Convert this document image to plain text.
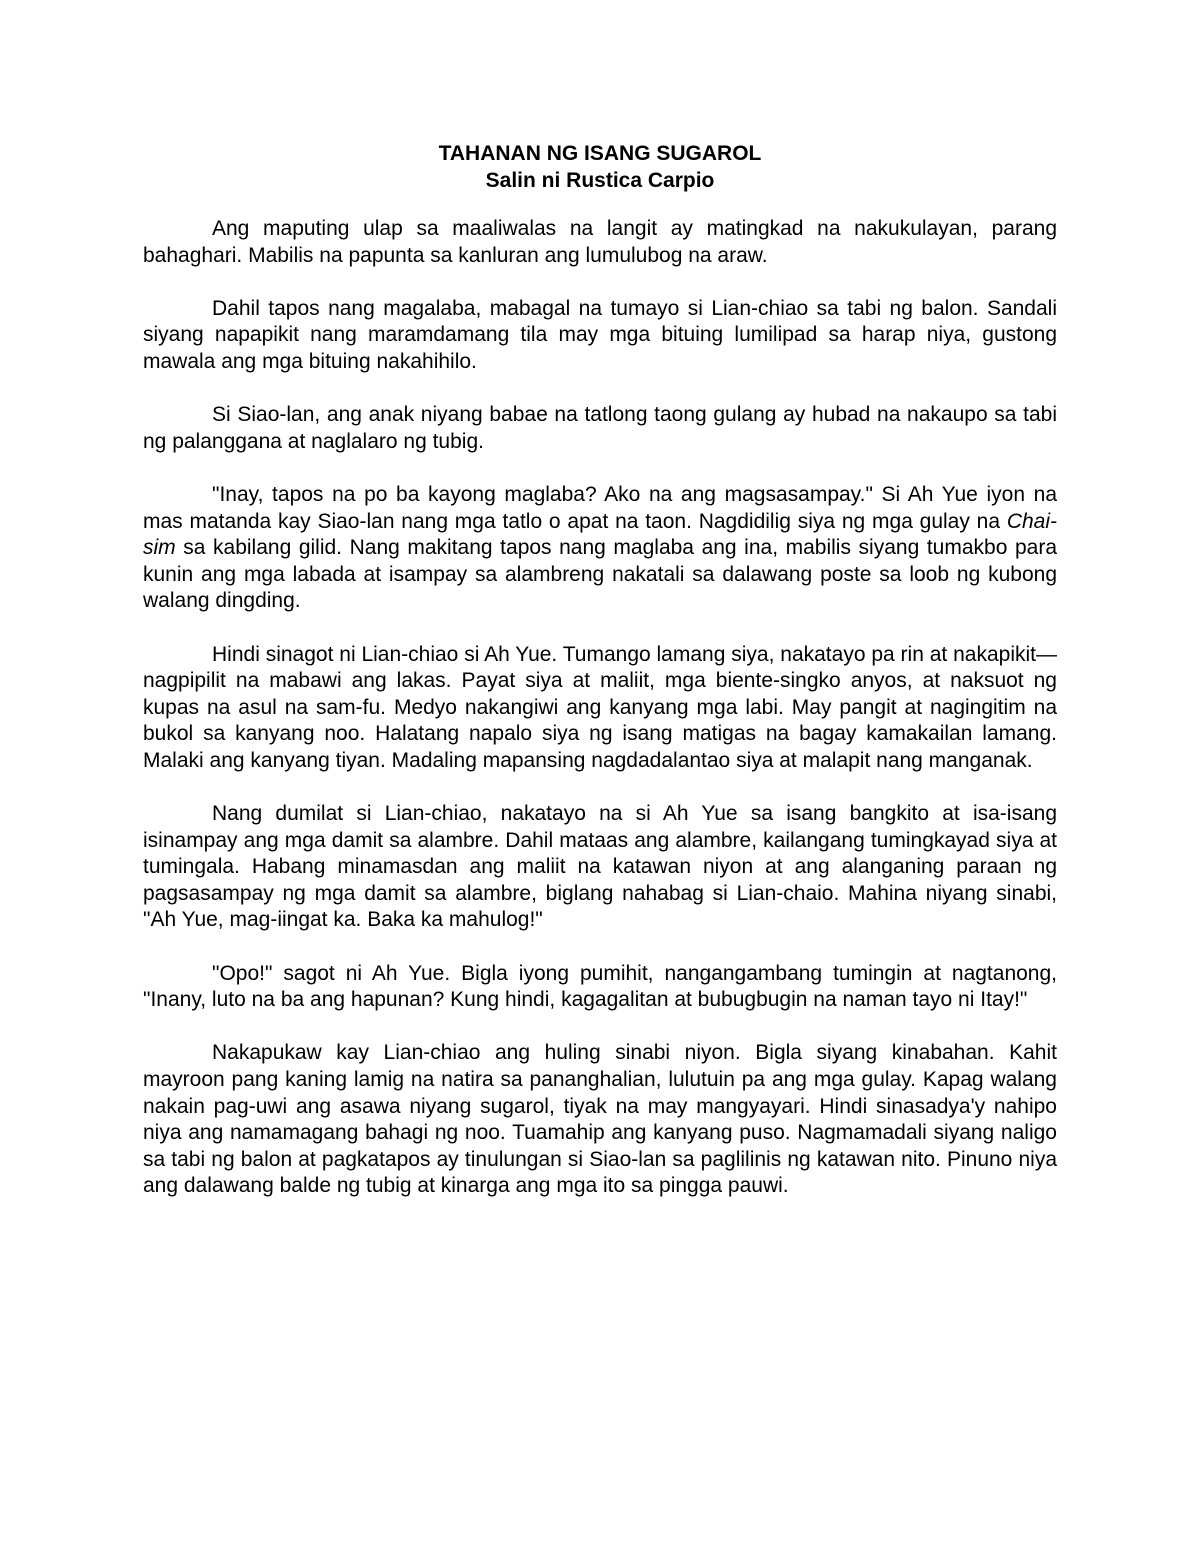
TAHANAN NG ISANG SUGAROL
Salin ni Rustica Carpio

Ang maputing ulap sa maaliwalas na langit ay matingkad na nakukulayan, parang bahaghari. Mabilis na papunta sa kanluran ang lumulubog na araw.

Dahil tapos nang magalaba, mabagal na tumayo si Lian-chiao sa tabi ng balon. Sandali siyang napapikit nang maramdamang tila may mga bituing lumilipad sa harap niya, gustong mawala ang mga bituing nakahihilo.

Si Siao-lan, ang anak niyang babae na tatlong taong gulang ay hubad na nakaupo sa tabi ng palanggana at naglalaro ng tubig.

"Inay, tapos na po ba kayong maglaba? Ako na ang magsasampay." Si Ah Yue iyon na mas matanda kay Siao-lan nang mga tatlo o apat na taon. Nagdidilig siya ng mga gulay na Chai-sim sa kabilang gilid. Nang makitang tapos nang maglaba ang ina, mabilis siyang tumakbo para kunin ang mga labada at isampay sa alambreng nakatali sa dalawang poste sa loob ng kubong walang dingding.

Hindi sinagot ni Lian-chiao si Ah Yue. Tumango lamang siya, nakatayo pa rin at nakapikit—nagpipilit na mabawi ang lakas. Payat siya at maliit, mga biente-singko anyos, at naksuot ng kupas na asul na sam-fu. Medyo nakangiwi ang kanyang mga labi. May pangit at nagingitim na bukol sa kanyang noo. Halatang napalo siya ng isang matigas na bagay kamakailan lamang. Malaki ang kanyang tiyan. Madaling mapansing nagdadalantao siya at malapit nang manganak.

Nang dumilat si Lian-chiao, nakatayo na si Ah Yue sa isang bangkito at isa-isang isinampay ang mga damit sa alambre. Dahil mataas ang alambre, kailangang tumingkayad siya at tumingala. Habang minamasdan ang maliit na katawan niyon at ang alanganing paraan ng pagsasampay ng mga damit sa alambre, biglang nahabag si Lian-chaio. Mahina niyang sinabi, "Ah Yue, mag-iingat ka. Baka ka mahulog!"

"Opo!" sagot ni Ah Yue. Bigla iyong pumihit, nangangambang tumingin at nagtanong, "Inany, luto na ba ang hapunan? Kung hindi, kagagalitan at bubugbugin na naman tayo ni Itay!"

Nakapukaw kay Lian-chiao ang huling sinabi niyon. Bigla siyang kinabahan. Kahit mayroon pang kaning lamig na natira sa pananghalian, lulutuin pa ang mga gulay. Kapag walang nakain pag-uwi ang asawa niyang sugarol, tiyak na may mangyayari. Hindi sinasadya'y nahipo niya ang namamagang bahagi ng noo. Tuamahip ang kanyang puso. Nagmamadali siyang naligo sa tabi ng balon at pagkatapos ay tinulungan si Siao-lan sa paglilinis ng katawan nito. Pinuno niya ang dalawang balde ng tubig at kinarga ang mga ito sa pingga pauwi.
